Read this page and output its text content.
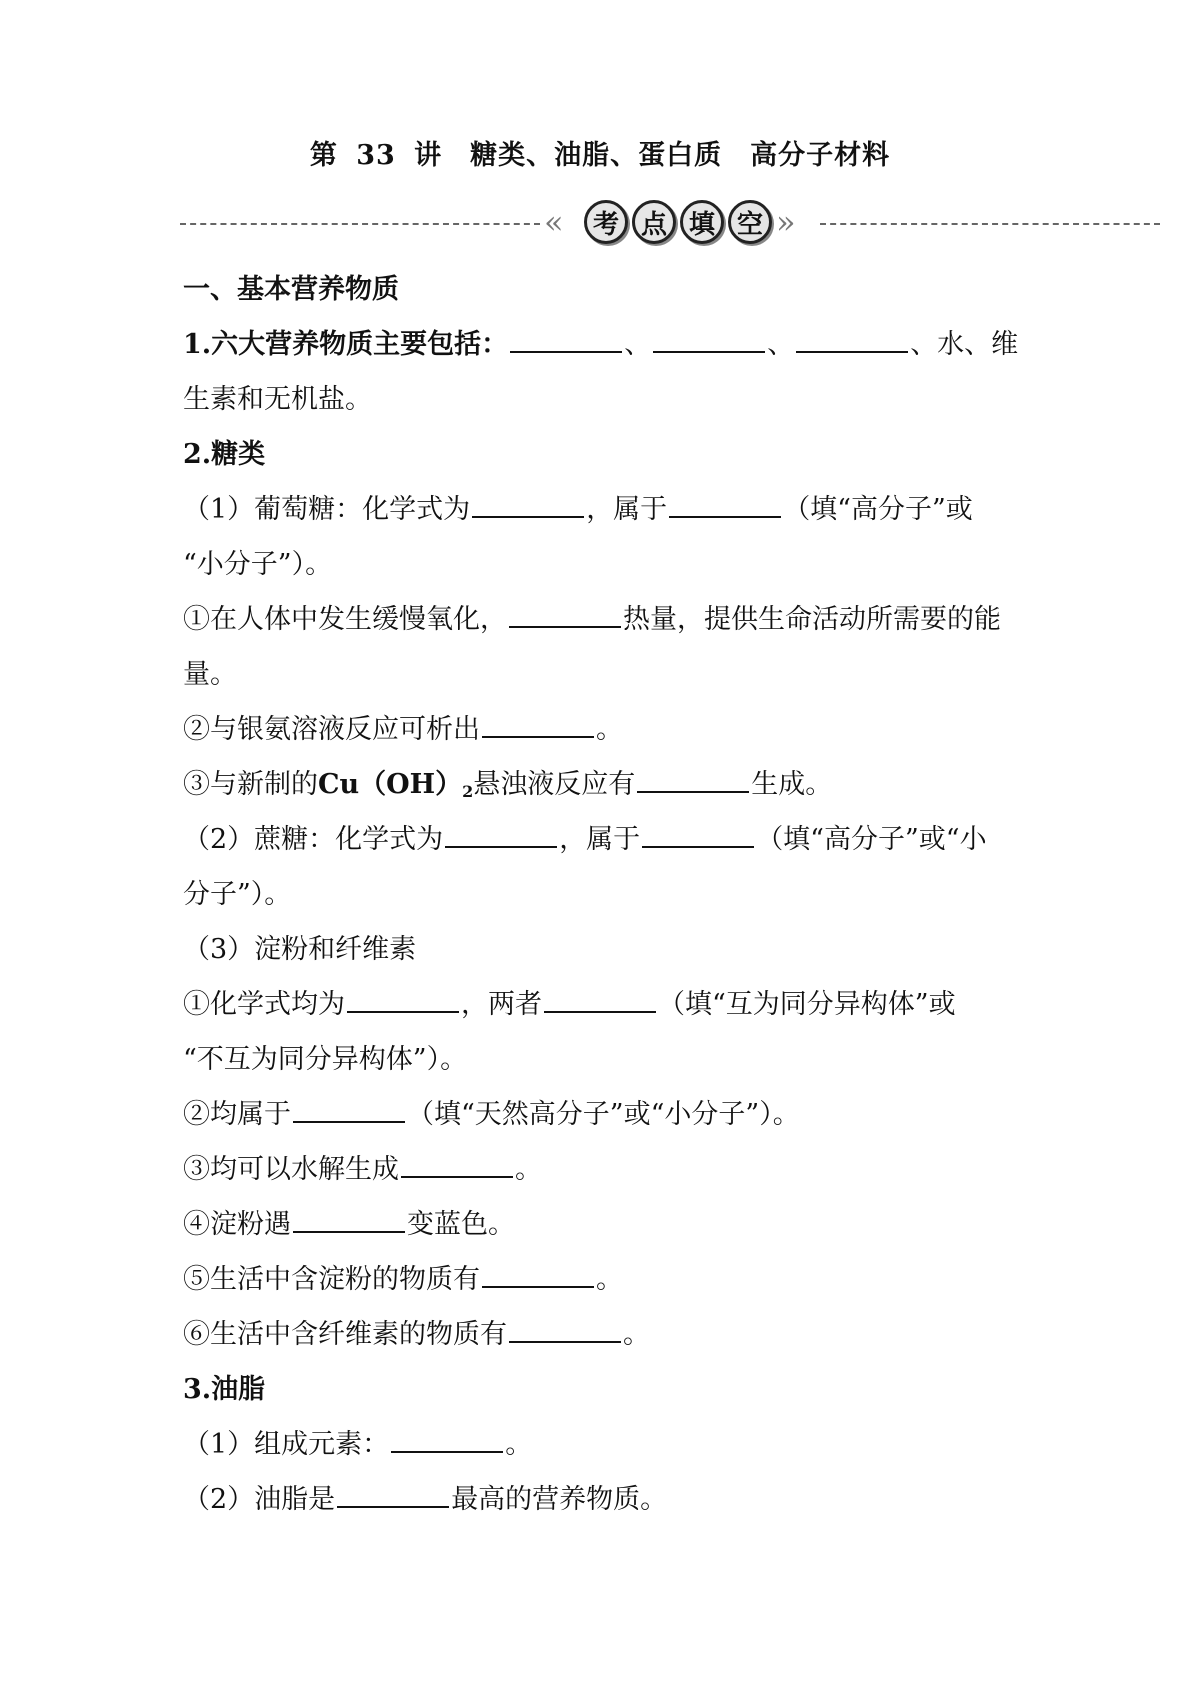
第 33 讲　糖类、油脂、蛋白质　高分子材料
«	考 点 填 空 »
一、基本营养物质
1.六大营养物质主要包括：	、	、	、水、维
生素和无机盐。
2.糖类
（1）葡萄糖：化学式为	，属于	（填“高分子”或
“小分子”）。
①在人体中发生缓慢氧化，	热量，提供生命活动所需要的能
量。
②与银氨溶液反应可析出	。
③与新制的$Cu(OH)_2$悬浊液反应有	生成。
（2）蔗糖：化学式为	，属于	（填“高分子”或“小
分子”）。
（3）淀粉和纤维素
①化学式均为	，两者	（填“互为同分异构体”或
“不互为同分异构体”）。
②均属于	（填“天然高分子”或“小分子”）。
③均可以水解生成	。
④淀粉遇	变蓝色。
⑤生活中含淀粉的物质有	。
⑥生活中含纤维素的物质有	。
3.油脂
（1）组成元素：	。
（2）油脂是	最高的营养物质。
